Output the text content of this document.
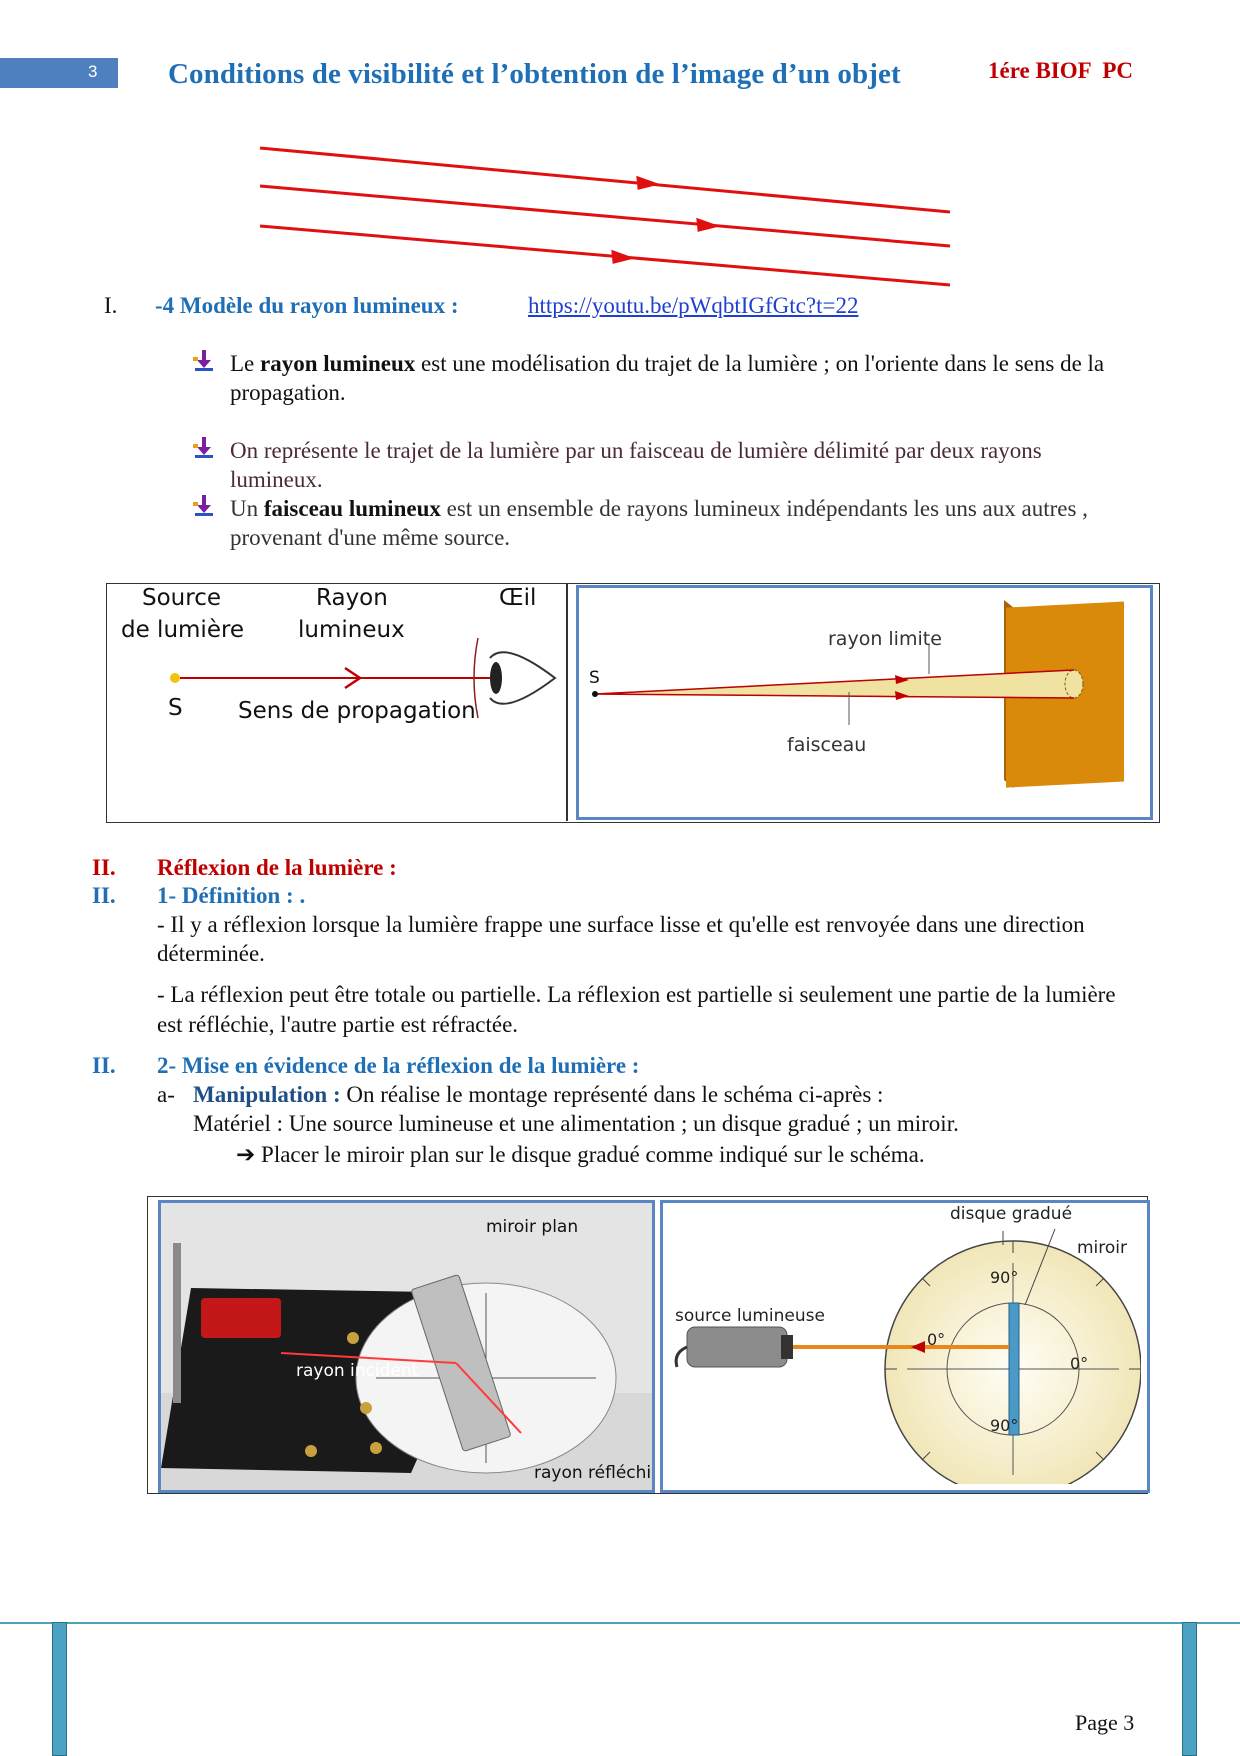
3 Conditions de visibilité et l’obtention de l’image d’un objet	1ére BIOF  PC
I. -4 Modèle du rayon lumineux :	https://youtu.be/pWqbtIGfGtc?t=22
Le rayon lumineux est une modélisation du trajet de la lumière ; on l'oriente dans le sens de la propagation.
On représente le trajet de la lumière par un faisceau de lumière délimité par deux rayons lumineux.
Un faisceau lumineux est un ensemble de rayons lumineux indépendants les uns aux autres , provenant d'une même source.
Source
de lumière
Rayon
lumineux
Œil
S Sens de propagation
S
rayon limite
faisceau
II. Réflexion de la lumière :
II. 1- Définition : .
- Il y a réflexion lorsque la lumière frappe une surface lisse et qu'elle est renvoyée dans une direction déterminée.
- La réflexion peut être totale ou partielle. La réflexion est partielle si seulement une partie de la lumière est réfléchie, l'autre partie est réfractée.
II. 2- Mise en évidence de la réflexion de la lumière :
a- Manipulation : On réalise le montage représenté dans le schéma ci-après :
Matériel : Une source lumineuse et une alimentation ; un disque gradué ; un miroir.
➔ Placer le miroir plan sur le disque gradué comme indiqué sur le schéma.
miroir plan
rayon incident
rayon réfléchi
disque gradué
miroir
source lumineuse
90°
90°
0°
0°
Page 3
